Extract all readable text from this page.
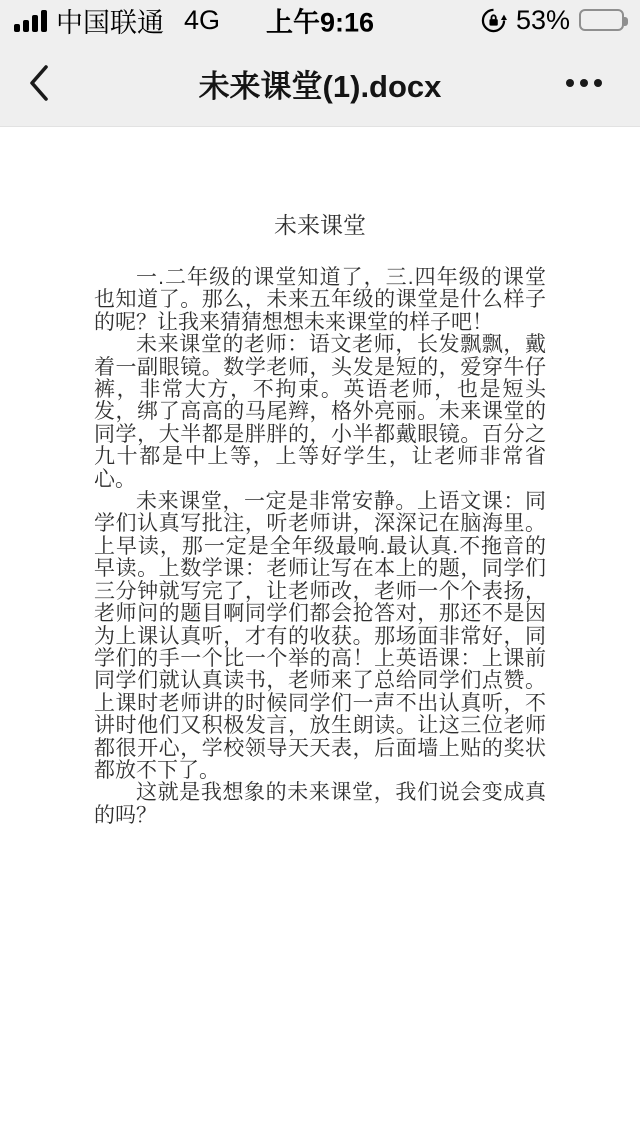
中国联通 4G 上午9:16	53%
未来课堂(1).docx
未来课堂

一.二年级的课堂知道了，三.四年级的课堂也知道了。那么，未来五年级的课堂是什么样子的呢？让我来猜猜想想未来课堂的样子吧！

未来课堂的老师：语文老师，长发飘飘，戴着一副眼镜。数学老师，头发是短的，爱穿牛仔裤，非常大方，不拘束。英语老师，也是短头发，绑了高高的马尾辫，格外亮丽。未来课堂的同学，大半都是胖胖的，小半都戴眼镜。百分之九十都是中上等，上等好学生，让老师非常省心。

未来课堂，一定是非常安静。上语文课：同学们认真写批注，听老师讲，深深记在脑海里。上早读，那一定是全年级最响.最认真.不拖音的早读。上数学课：老师让写在本上的题，同学们三分钟就写完了，让老师改，老师一个个表扬，老师问的题目啊同学们都会抢答对，那还不是因为上课认真听，才有的收获。那场面非常好，同学们的手一个比一个举的高！上英语课：上课前同学们就认真读书，老师来了总给同学们点赞。上课时老师讲的时候同学们一声不出认真听，不讲时他们又积极发言，放生朗读。让这三位老师都很开心，学校领导天天表，后面墙上贴的奖状都放不下了。

这就是我想象的未来课堂，我们说会变成真的吗？
